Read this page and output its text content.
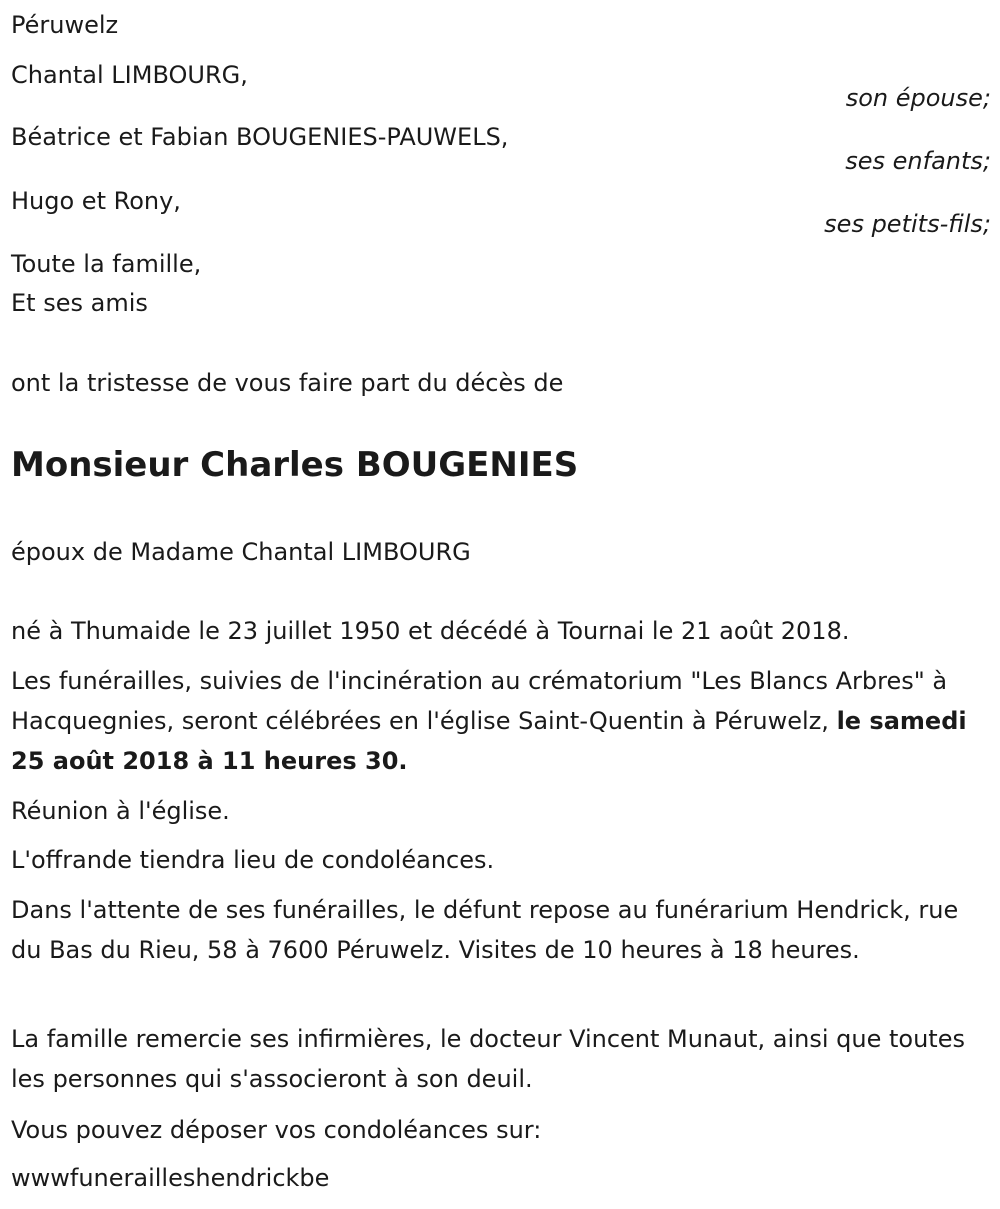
Péruwelz
Chantal LIMBOURG,
son épouse;
Béatrice et Fabian BOUGENIES-PAUWELS,
ses enfants;
Hugo et Rony,
ses petits-fils;
Toute la famille,
Et ses amis
ont la tristesse de vous faire part du décès de
Monsieur Charles BOUGENIES
époux de Madame Chantal LIMBOURG
né à Thumaide le 23 juillet 1950 et décédé à Tournai le 21 août 2018.
Les funérailles, suivies de l'incinération au crématorium "Les Blancs Arbres" à Hacquegnies, seront célébrées en l'église Saint-Quentin à Péruwelz, le samedi 25 août 2018 à 11 heures 30.
Réunion à l'église.
L'offrande tiendra lieu de condoléances.
Dans l'attente de ses funérailles, le défunt repose au funérarium Hendrick, rue du Bas du Rieu, 58 à 7600 Péruwelz. Visites de 10 heures à 18 heures.
La famille remercie ses infirmières, le docteur Vincent Munaut, ainsi que toutes les personnes qui s'associeront à son deuil.
Vous pouvez déposer vos condoléances sur:
wwwfunerailleshendrickbe
